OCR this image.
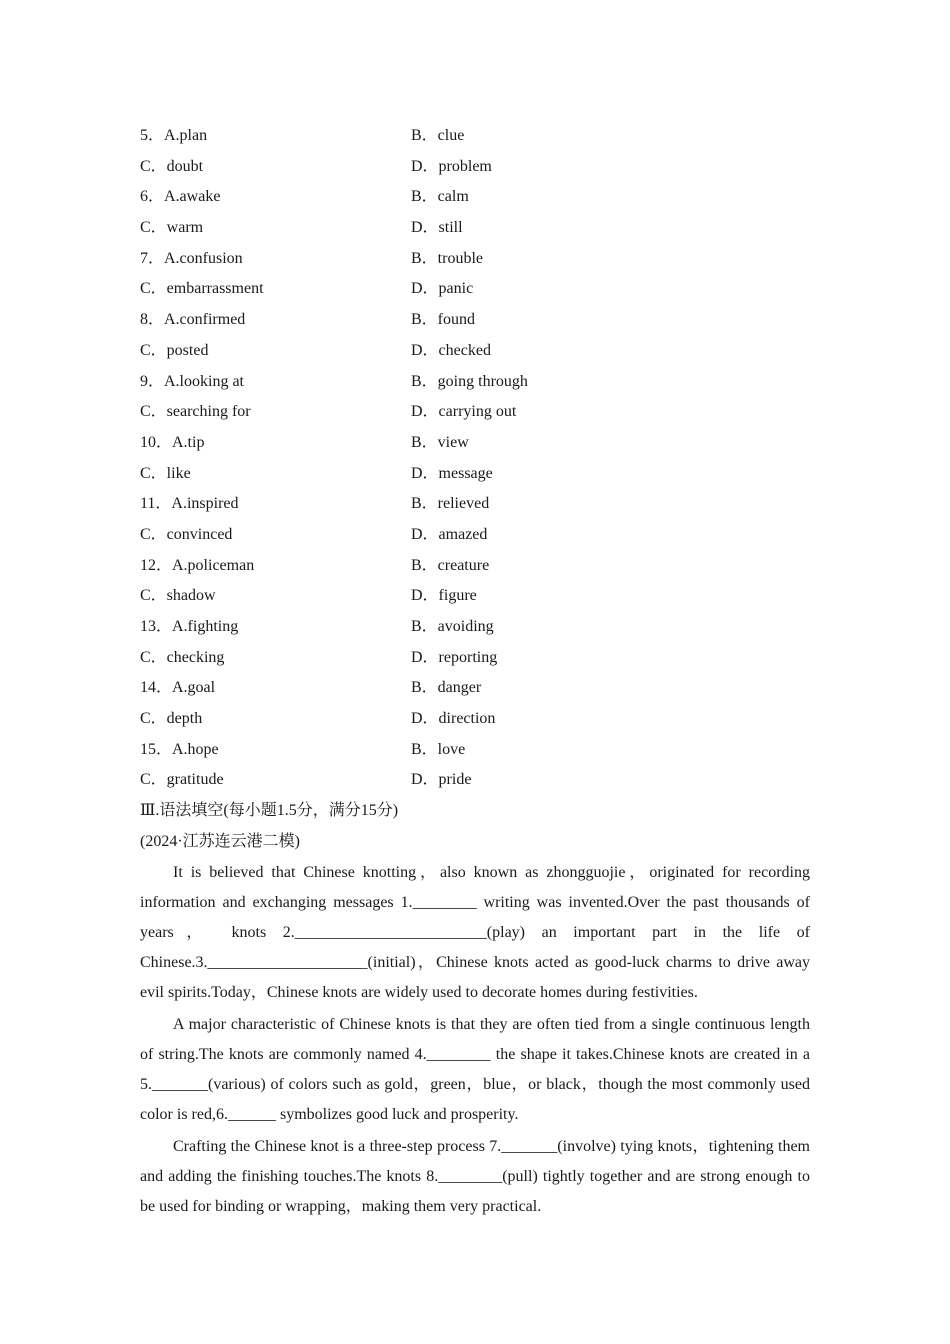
5．A.plan	B．clue
C．doubt	D．problem
6．A.awake	B．calm
C．warm	D．still
7．A.confusion	B．trouble
C．embarrassment	D．panic
8．A.confirmed	B．found
C．posted	D．checked
9．A.looking at	B．going through
C．searching for	D．carrying out
10．A.tip	B．view
C．like	D．message
11．A.inspired	B．relieved
C．convinced	D．amazed
12．A.policeman	B．creature
C．shadow	D．figure
13．A.fighting	B．avoiding
C．checking	D．reporting
14．A.goal	B．danger
C．depth	D．direction
15．A.hope	B．love
C．gratitude	D．pride
Ⅲ.语法填空(每小题1.5分，满分15分)
(2024·江苏连云港二模)

It is believed that Chinese knotting，also known as zhongguojie，originated for recording information and exchanging messages 1.________ writing was invented.Over the past thousands of years， knots 2.________________________(play) an important part in the life of Chinese.3.____________________(initial)，Chinese knots acted as good-luck charms to drive away evil spirits.Today，Chinese knots are widely used to decorate homes during festivities.

A major characteristic of Chinese knots is that they are often tied from a single continuous length of string.The knots are commonly named 4.________ the shape it takes.Chinese knots are created in a 5._______(various) of colors such as gold，green，blue，or black，though the most commonly used color is red,6.______ symbolizes good luck and prosperity.

Crafting the Chinese knot is a three-step process 7._______(involve) tying knots，tightening them and adding the finishing touches.The knots 8.________(pull) tightly together and are strong enough to be used for binding or wrapping，making them very practical.
